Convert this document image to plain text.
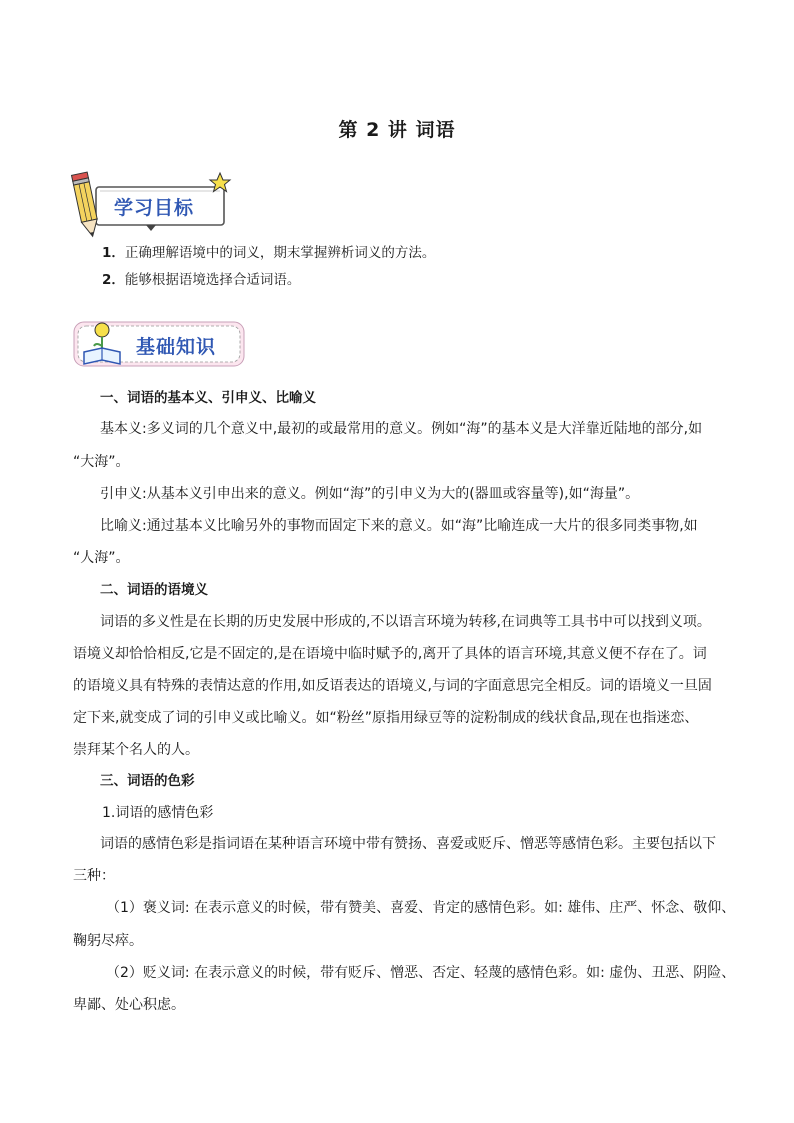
第 2 讲 词语
学习目标
1．正确理解语境中的词义，期末掌握辨析词义的方法。
2．能够根据语境选择合适词语。
基础知识
一、词语的基本义、引申义、比喻义
基本义:多义词的几个意义中,最初的或最常用的意义。例如“海”的基本义是大洋靠近陆地的部分,如
“大海”。
引申义:从基本义引申出来的意义。例如“海”的引申义为大的(器皿或容量等),如“海量”。
比喻义:通过基本义比喻另外的事物而固定下来的意义。如“海”比喻连成一大片的很多同类事物,如
“人海”。
二、词语的语境义
词语的多义性是在长期的历史发展中形成的,不以语言环境为转移,在词典等工具书中可以找到义项。
语境义却恰恰相反,它是不固定的,是在语境中临时赋予的,离开了具体的语言环境,其意义便不存在了。词
的语境义具有特殊的表情达意的作用,如反语表达的语境义,与词的字面意思完全相反。词的语境义一旦固
定下来,就变成了词的引申义或比喻义。如“粉丝”原指用绿豆等的淀粉制成的线状食品,现在也指迷恋、
崇拜某个名人的人。
三、词语的色彩
1.词语的感情色彩
词语的感情色彩是指词语在某种语言环境中带有赞扬、喜爱或贬斥、憎恶等感情色彩。主要包括以下
三种：
（1）褒义词: 在表示意义的时候，带有赞美、喜爱、肯定的感情色彩。如: 雄伟、庄严、怀念、敬仰、
鞠躬尽瘁。
（2）贬义词: 在表示意义的时候，带有贬斥、憎恶、否定、轻蔑的感情色彩。如: 虚伪、丑恶、阴险、
卑鄙、处心积虑。
